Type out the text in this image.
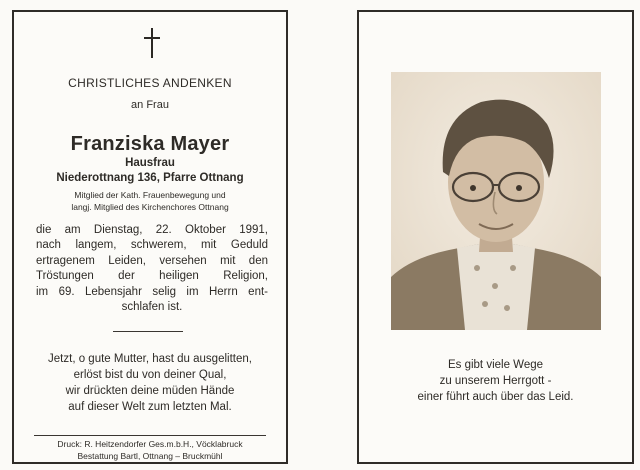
CHRISTLICHES ANDENKEN
an Frau
Franziska Mayer
Hausfrau
Niederottnang 136, Pfarre Ottnang
Mitglied der Kath. Frauenbewegung und
langj. Mitglied des Kirchenchores Ottnang
die am Dienstag, 22. Oktober 1991,
nach langem, schwerem, mit Geduld
ertragenem Leiden, versehen mit den
Tröstungen der heiligen Religion,
im 69. Lebensjahr selig im Herrn ent-
schlafen ist.
Jetzt, o gute Mutter, hast du ausgelitten,
erlöst bist du von deiner Qual,
wir drückten deine müden Hände
auf dieser Welt zum letzten Mal.
Druck: R. Heitzendorfer Ges.m.b.H., Vöcklabruck
Bestattung Bartl, Ottnang – Bruckmühl
Es gibt viele Wege
zu unserem Herrgott -
einer führt auch über das Leid.
